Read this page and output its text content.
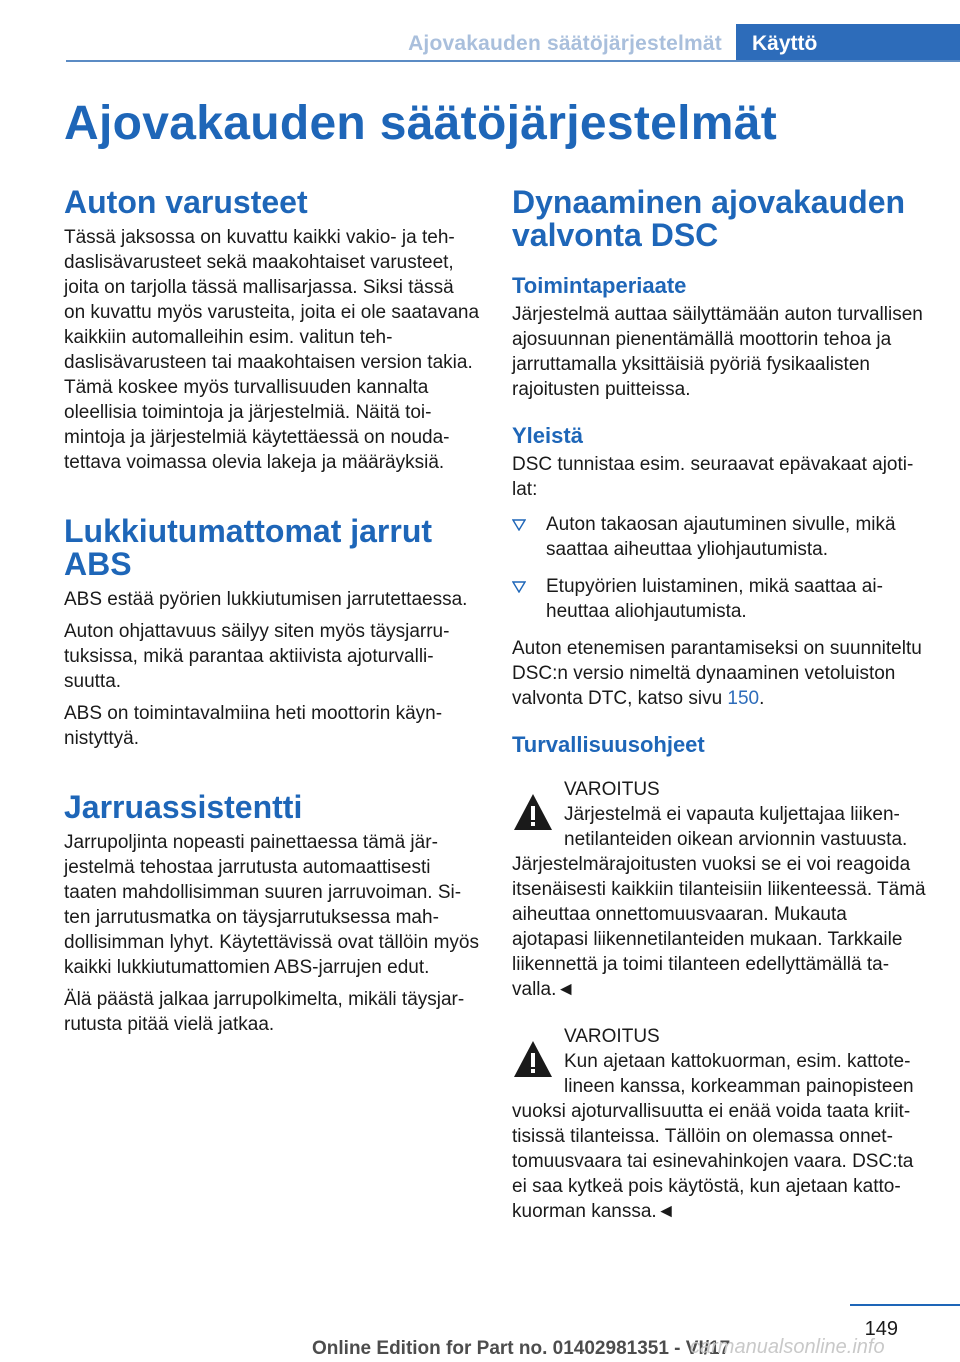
Ajovakauden säätöjärjestelmät	Käyttö
Ajovakauden säätöjärjestelmät
Auton varusteet

Tässä jaksossa on kuvattu kaikki vakio- ja tehdaslisävarusteet sekä maakohtaiset varusteet, joita on tarjolla tässä mallisarjassa. Siksi tässä on kuvattu myös varusteita, joita ei ole saatavana kaikkiin automalleihin esim. valitun tehdaslisävarusteen tai maakohtaisen version takia. Tämä koskee myös turvallisuuden kannalta oleellisia toimintoja ja järjestelmiä. Näitä toimintoja ja järjestelmiä käytettäessä on noudatettava voimassa olevia lakeja ja määräyksiä.

Lukkiutumattomat jarrut ABS

ABS estää pyörien lukkiutumisen jarrutettaessa.

Auton ohjattavuus säilyy siten myös täysjarrutuksissa, mikä parantaa aktiivista ajoturvallisuutta.

ABS on toimintavalmiina heti moottorin käynnistyttyä.

Jarruassistentti

Jarrupoljinta nopeasti painettaessa tämä järjestelmä tehostaa jarrutusta automaattisesti taaten mahdollisimman suuren jarruvoiman. Siten jarrutusmatka on täysjarrutuksessa mahdollisimman lyhyt. Käytettävissä ovat tällöin myös kaikki lukkiutumattomien ABS-jarrujen edut.

Älä päästä jalkaa jarrupolkimelta, mikäli täysjarrutusta pitää vielä jatkaa.

Dynaaminen ajovakauden valvonta DSC
Toimintaperiaate

Järjestelmä auttaa säilyttämään auton turvallisen ajosuunnan pienentämällä moottorin tehoa ja jarruttamalla yksittäisiä pyöriä fysikaalisten rajoitusten puitteissa.

Yleistä

DSC tunnistaa esim. seuraavat epävakaat ajotilat:

Auton takaosan ajautuminen sivulle, mikä saattaa aiheuttaa yliohjautumista.
Etupyörien luistaminen, mikä saattaa aiheuttaa aliohjautumista.

Auton etenemisen parantamiseksi on suunniteltu DSC:n versio nimeltä dynaaminen vetoluiston valvonta DTC, katso sivu 150.

Turvallisuusohjeet
VAROITUS
Järjestelmä ei vapauta kuljettajaa liikennetilanteiden oikean arvionnin vastuusta. Järjestelmärajoitusten vuoksi se ei voi reagoida itsenäisesti kaikkiin tilanteisiin liikenteessä. Tämä aiheuttaa onnettomuusvaaran. Mukauta ajotapasi liikennetilanteiden mukaan. Tarkkaile liikennettä ja toimi tilanteen edellyttämällä tavalla.◄
VAROITUS
Kun ajetaan kattokuorman, esim. kattotelineen kanssa, korkeamman painopisteen vuoksi ajoturvallisuutta ei enää voida taata kriittisissä tilanteissa. Tällöin on olemassa onnettomuusvaara tai esinevahinkojen vaara. DSC:ta ei saa kytkeä pois käytöstä, kun ajetaan kattokuorman kanssa.◄
149
Online Edition for Part no. 01402981351 - VI/17
carmanualsonline.info
